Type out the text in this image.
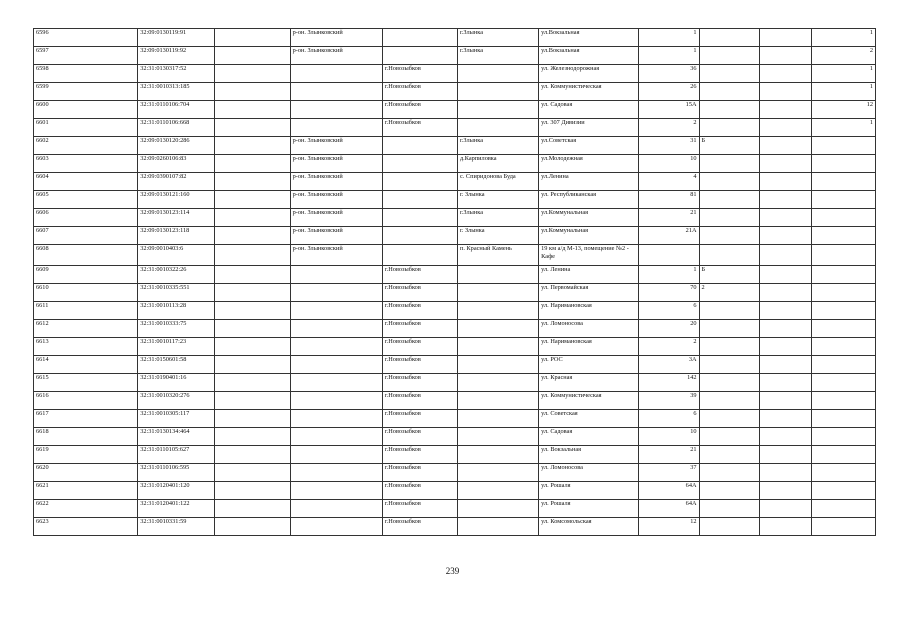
6596	32:09:0130119:91		р-он. Злынковский		г.Злынка	ул.Вокзальная	1			1
6597	32:09:0130119:92		р-он. Злынковский		г.Злынка	ул.Вокзальная	1			2
6598	32:31:0130317:52			г.Новозыбков		ул. Железнодорожная	36			1
6599	32:31:0010313:185			г.Новозыбков		ул. Коммунистическая	26			1
6600	32:31:0110106:704			г.Новозыбков		ул. Садовая	15А			12
6601	32:31:0110106:668			г.Новозыбков		ул. 307 Дивизии	2			1
6602	32:09:0130120:286		р-он. Злынковский		г.Злынка	ул.Советская	31	Б		
6603	32:09:0260106:83		р-он. Злынковский		д.Карпиловка	ул.Молодежная	10			
6604	32:09:0390107:82		р-он. Злынковский		с. Спиридонова Буда	ул.Ленина	4			
6605	32:09:0130121:160		р-он. Злынковский		г. Злынка	ул. Республиканская	81			
6606	32:09:0130123:114		р-он. Злынковский		г.Злынка	ул.Коммунальная	21			
6607	32:09:0130123:118		р-он. Злынковский		г. Злынка	ул.Коммунальная	21А			
6608	32:09:0010403:6		р-он. Злынковский		п. Красный Камень	19 км а/д М-13, помещение №2 - Кафе				
6609	32:31:0010322:26			г.Новозыбков		ул. Ленина	1	Б		
6610	32:31:0010335:551			г.Новозыбков		ул. Первомайская	70	2		
6611	32:31:0010113:28			г.Новозыбков		ул. Наримановская	6			
6612	32:31:0010333:75			г.Новозыбков		ул. Ломоносова	20			
6613	32:31:0010117:23			г.Новозыбков		ул. Наримановская	2			
6614	32:31:0150601:58			г.Новозыбков		ул. РОС	3А			
6615	32:31:0190401:16			г.Новозыбков		ул. Красная	142			
6616	32:31:0010320:276			г.Новозыбков		ул. Коммунистическая	39			
6617	32:31:0010305:117			г.Новозыбков		ул. Советская	6			
6618	32:31:0130134:464			г.Новозыбков		ул. Садовая	10			
6619	32:31:0110105:627			г.Новозыбков		ул. Вокзальная	21			
6620	32:31:0110106:595			г.Новозыбков		ул. Ломоносова	37			
6621	32:31:0120401:120			г.Новозыбков		ул. Рошаля	64А			
6622	32:31:0120401:122			г.Новозыбков		ул. Рошаля	64А			
6623	32:31:0010331:59			г.Новозыбков		ул. Комсомольская	12			
239
